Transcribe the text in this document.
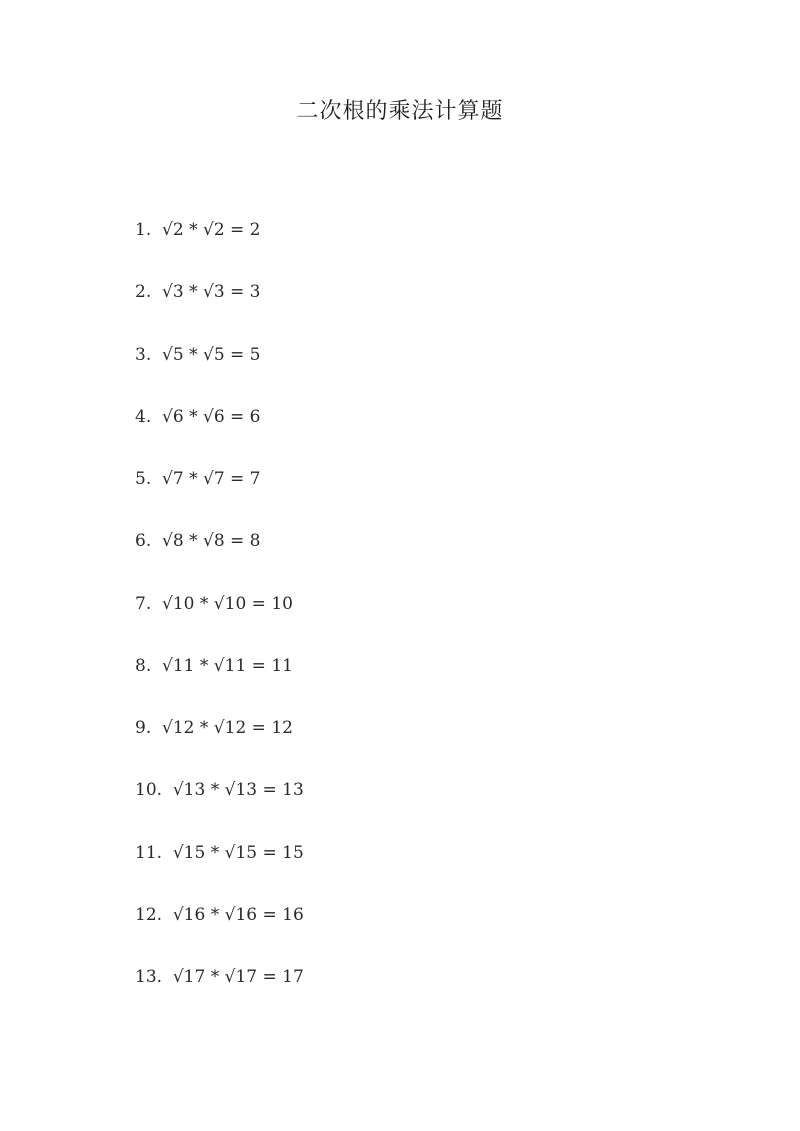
二次根的乘法计算题
1.  √2 * √2 = 2
2.  √3 * √3 = 3
3.  √5 * √5 = 5
4.  √6 * √6 = 6
5.  √7 * √7 = 7
6.  √8 * √8 = 8
7.  √10 * √10 = 10
8.  √11 * √11 = 11
9.  √12 * √12 = 12
10.  √13 * √13 = 13
11.  √15 * √15 = 15
12.  √16 * √16 = 16
13.  √17 * √17 = 17
